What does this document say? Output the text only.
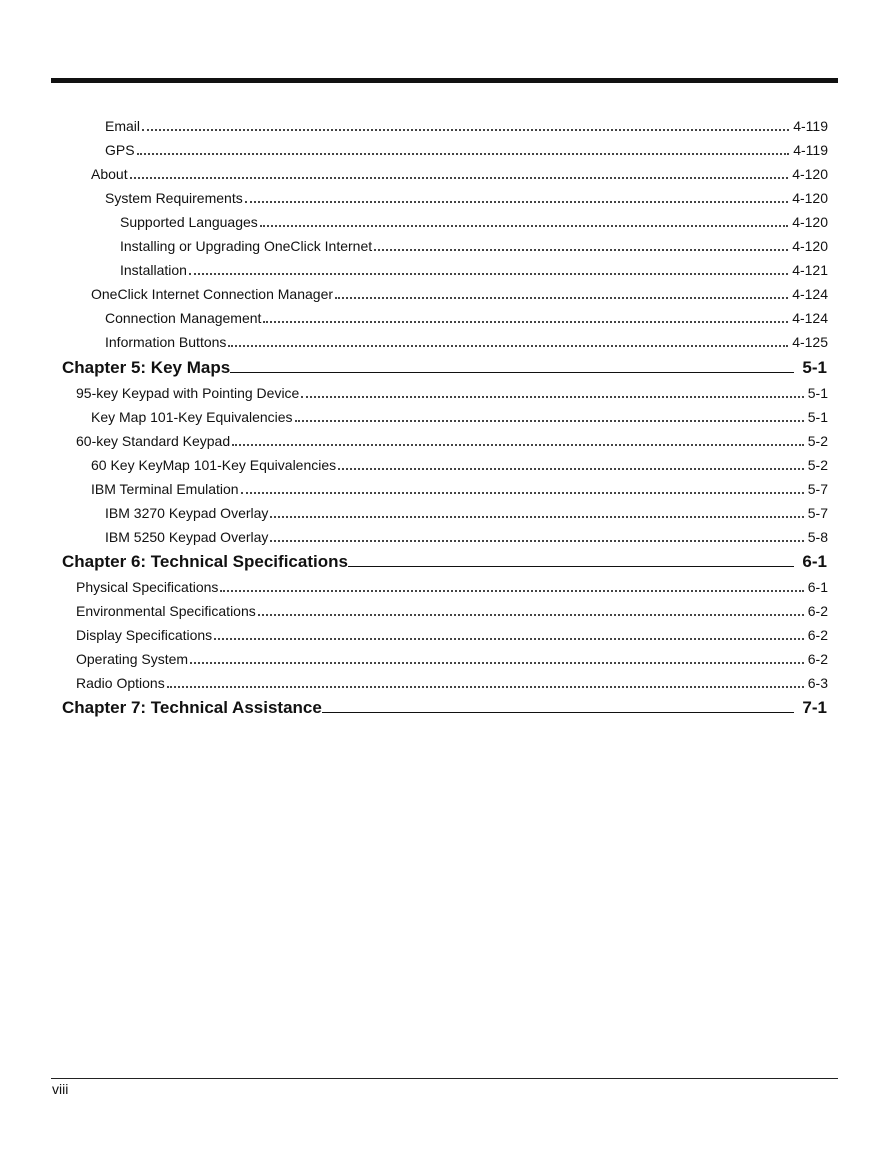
Email	4-119
GPS	4-119
About	4-120
System Requirements	4-120
Supported Languages	4-120
Installing or Upgrading OneClick Internet	4-120
Installation	4-121
OneClick Internet Connection Manager	4-124
Connection Management	4-124
Information Buttons	4-125
Chapter 5: Key Maps	5-1
95-key Keypad with Pointing Device	5-1
Key Map 101-Key Equivalencies	5-1
60-key Standard Keypad	5-2
60 Key KeyMap 101-Key Equivalencies	5-2
IBM Terminal Emulation	5-7
IBM 3270 Keypad Overlay	5-7
IBM 5250 Keypad Overlay	5-8
Chapter 6: Technical Specifications	6-1
Physical Specifications	6-1
Environmental Specifications	6-2
Display Specifications	6-2
Operating System	6-2
Radio Options	6-3
Chapter 7: Technical Assistance	7-1
viii
